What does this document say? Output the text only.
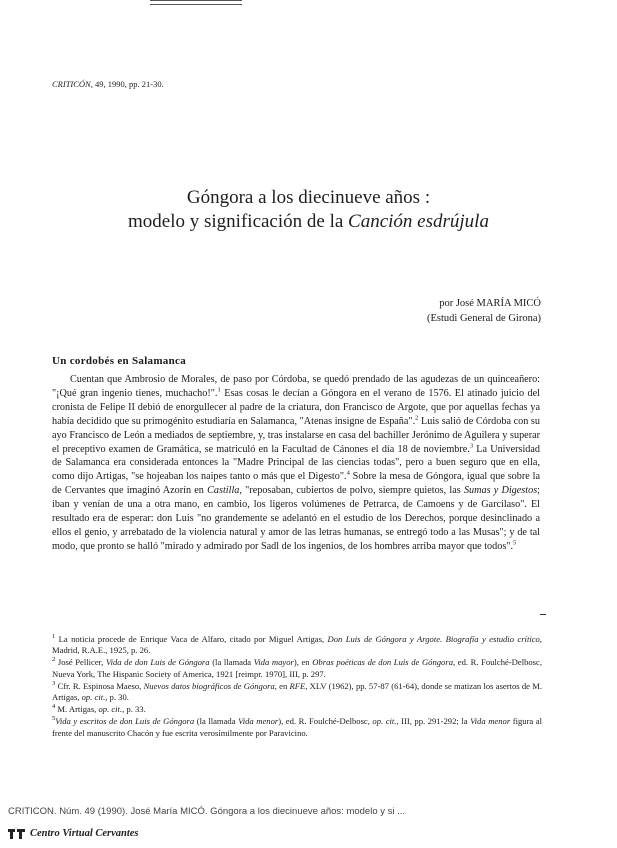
CRITICÓN, 49, 1990, pp. 21-30.
Góngora a los diecinueve años :
modelo y significación de la Canción esdrújula
por José MARÍA MICÓ
(Estudi General de Girona)
Un cordobés en Salamanca

Cuentan que Ambrosio de Morales, de paso por Córdoba, se quedó prendado de las agudezas de un quinceañero: "¡Qué gran ingenio tienes, muchacho!".$^1$ Esas cosas le decían a Góngora en el verano de 1576. El atinado juicio del cronista de Felipe II debió de enorgullecer al padre de la criatura, don Francisco de Argote, que por aquellas fechas ya había decidido que su primogénito estudiaría en Salamanca, "Atenas insigne de España".$^2$ Luis salió de Córdoba con su ayo Francisco de León a mediados de septiembre, y, tras instalarse en casa del bachiller Jerónimo de Aguilera y superar el preceptivo examen de Gramática, se matriculó en la Facultad de Cánones el día 18 de noviembre.$^3$ La Universidad de Salamanca era considerada entonces la "Madre Principal de las ciencias todas", pero a buen seguro que en ella, como dijo Artigas, "se hojeaban los naipes tanto o más que el Digesto".$^4$ Sobre la mesa de Góngora, igual que sobre la de Cervantes que imaginó Azorín en Castilla, "reposaban, cubiertos de polvo, siempre quietos, las Sumas y Digestos; iban y venían de una a otra mano, en cambio, los ligeros volúmenes de Petrarca, de Camoens y de Garcilaso". El resultado era de esperar: don Luis "no grandemente se adelantó en el estudio de los Derechos, porque desinclinado a ellos el genio, y arrebatado de la violencia natural y amor de las letras humanas, se entregó todo a las Musas"; y de tal modo, que pronto se halló "mirado y admirado por Sadl de los ingenios, de los hombres arriba mayor que todos".$^5$

$^1$ La noticia procede de Enrique Vaca de Alfaro, citado por Miguel Artigas, Don Luis de Góngora y Argote. Biografía y estudio crítico, Madrid, R.A.E., 1925, p. 26.

$^2$ José Pellicer, Vida de don Luis de Góngora (la llamada Vida mayor), en Obras poéticas de don Luis de Góngora, ed. R. Foulché-Delbosc, Nueva York, The Hispanic Society of America, 1921 [reimpr. 1970], III, p. 297.

$^3$ Cfr. R. Espinosa Maeso, Nuevos datos biográficos de Góngora, en RFE, XLV (1962), pp. 57-87 (61-64), donde se matizan los asertos de M. Artigas, op. cit., p. 30.

$^4$ M. Artigas, op. cit., p. 33.

$^5$Vida y escritos de don Luis de Góngora (la llamada Vida menor), ed. R. Foulché-Delbosc, op. cit., III, pp. 291-292; la Vida menor figura al frente del manuscrito Chacón y fue escrita verosímilmente por Paravicino.

CRITICON. Núm. 49 (1990). José María MICÓ. Góngora a los diecinueve años: modelo y si ...
Centro Virtual Cervantes
